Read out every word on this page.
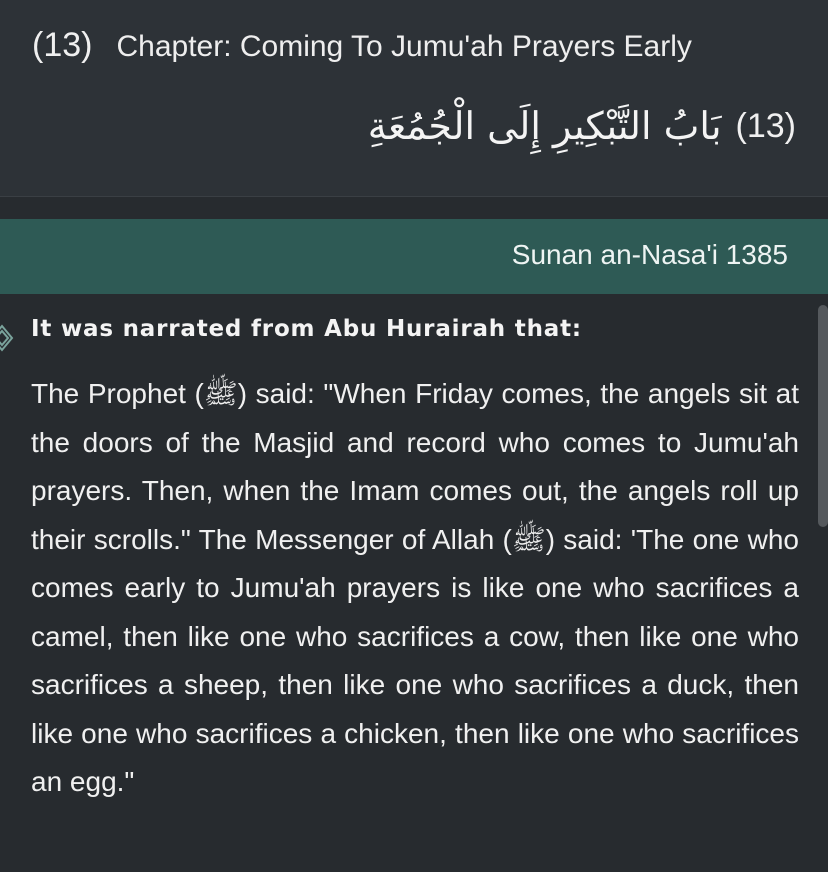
(13) Chapter: Coming To Jumu'ah Prayers Early
(13)
بَابُ التَّبْكِيرِ إِلَى الْجُمُعَةِ
Sunan an-Nasa'i 1385
It was narrated from Abu Hurairah that:

The Prophet (ﷺ) said: "When Friday comes, the angels sit at the doors of the Masjid and record who comes to Jumu'ah prayers. Then, when the Imam comes out, the angels roll up their scrolls." The Messenger of Allah (ﷺ) said: 'The one who comes early to Jumu'ah prayers is like one who sacrifices a camel, then like one who sacrifices a cow, then like one who sacrifices a sheep, then like one who sacrifices a duck, then like one who sacrifices a chicken, then like one who sacrifices an egg."
